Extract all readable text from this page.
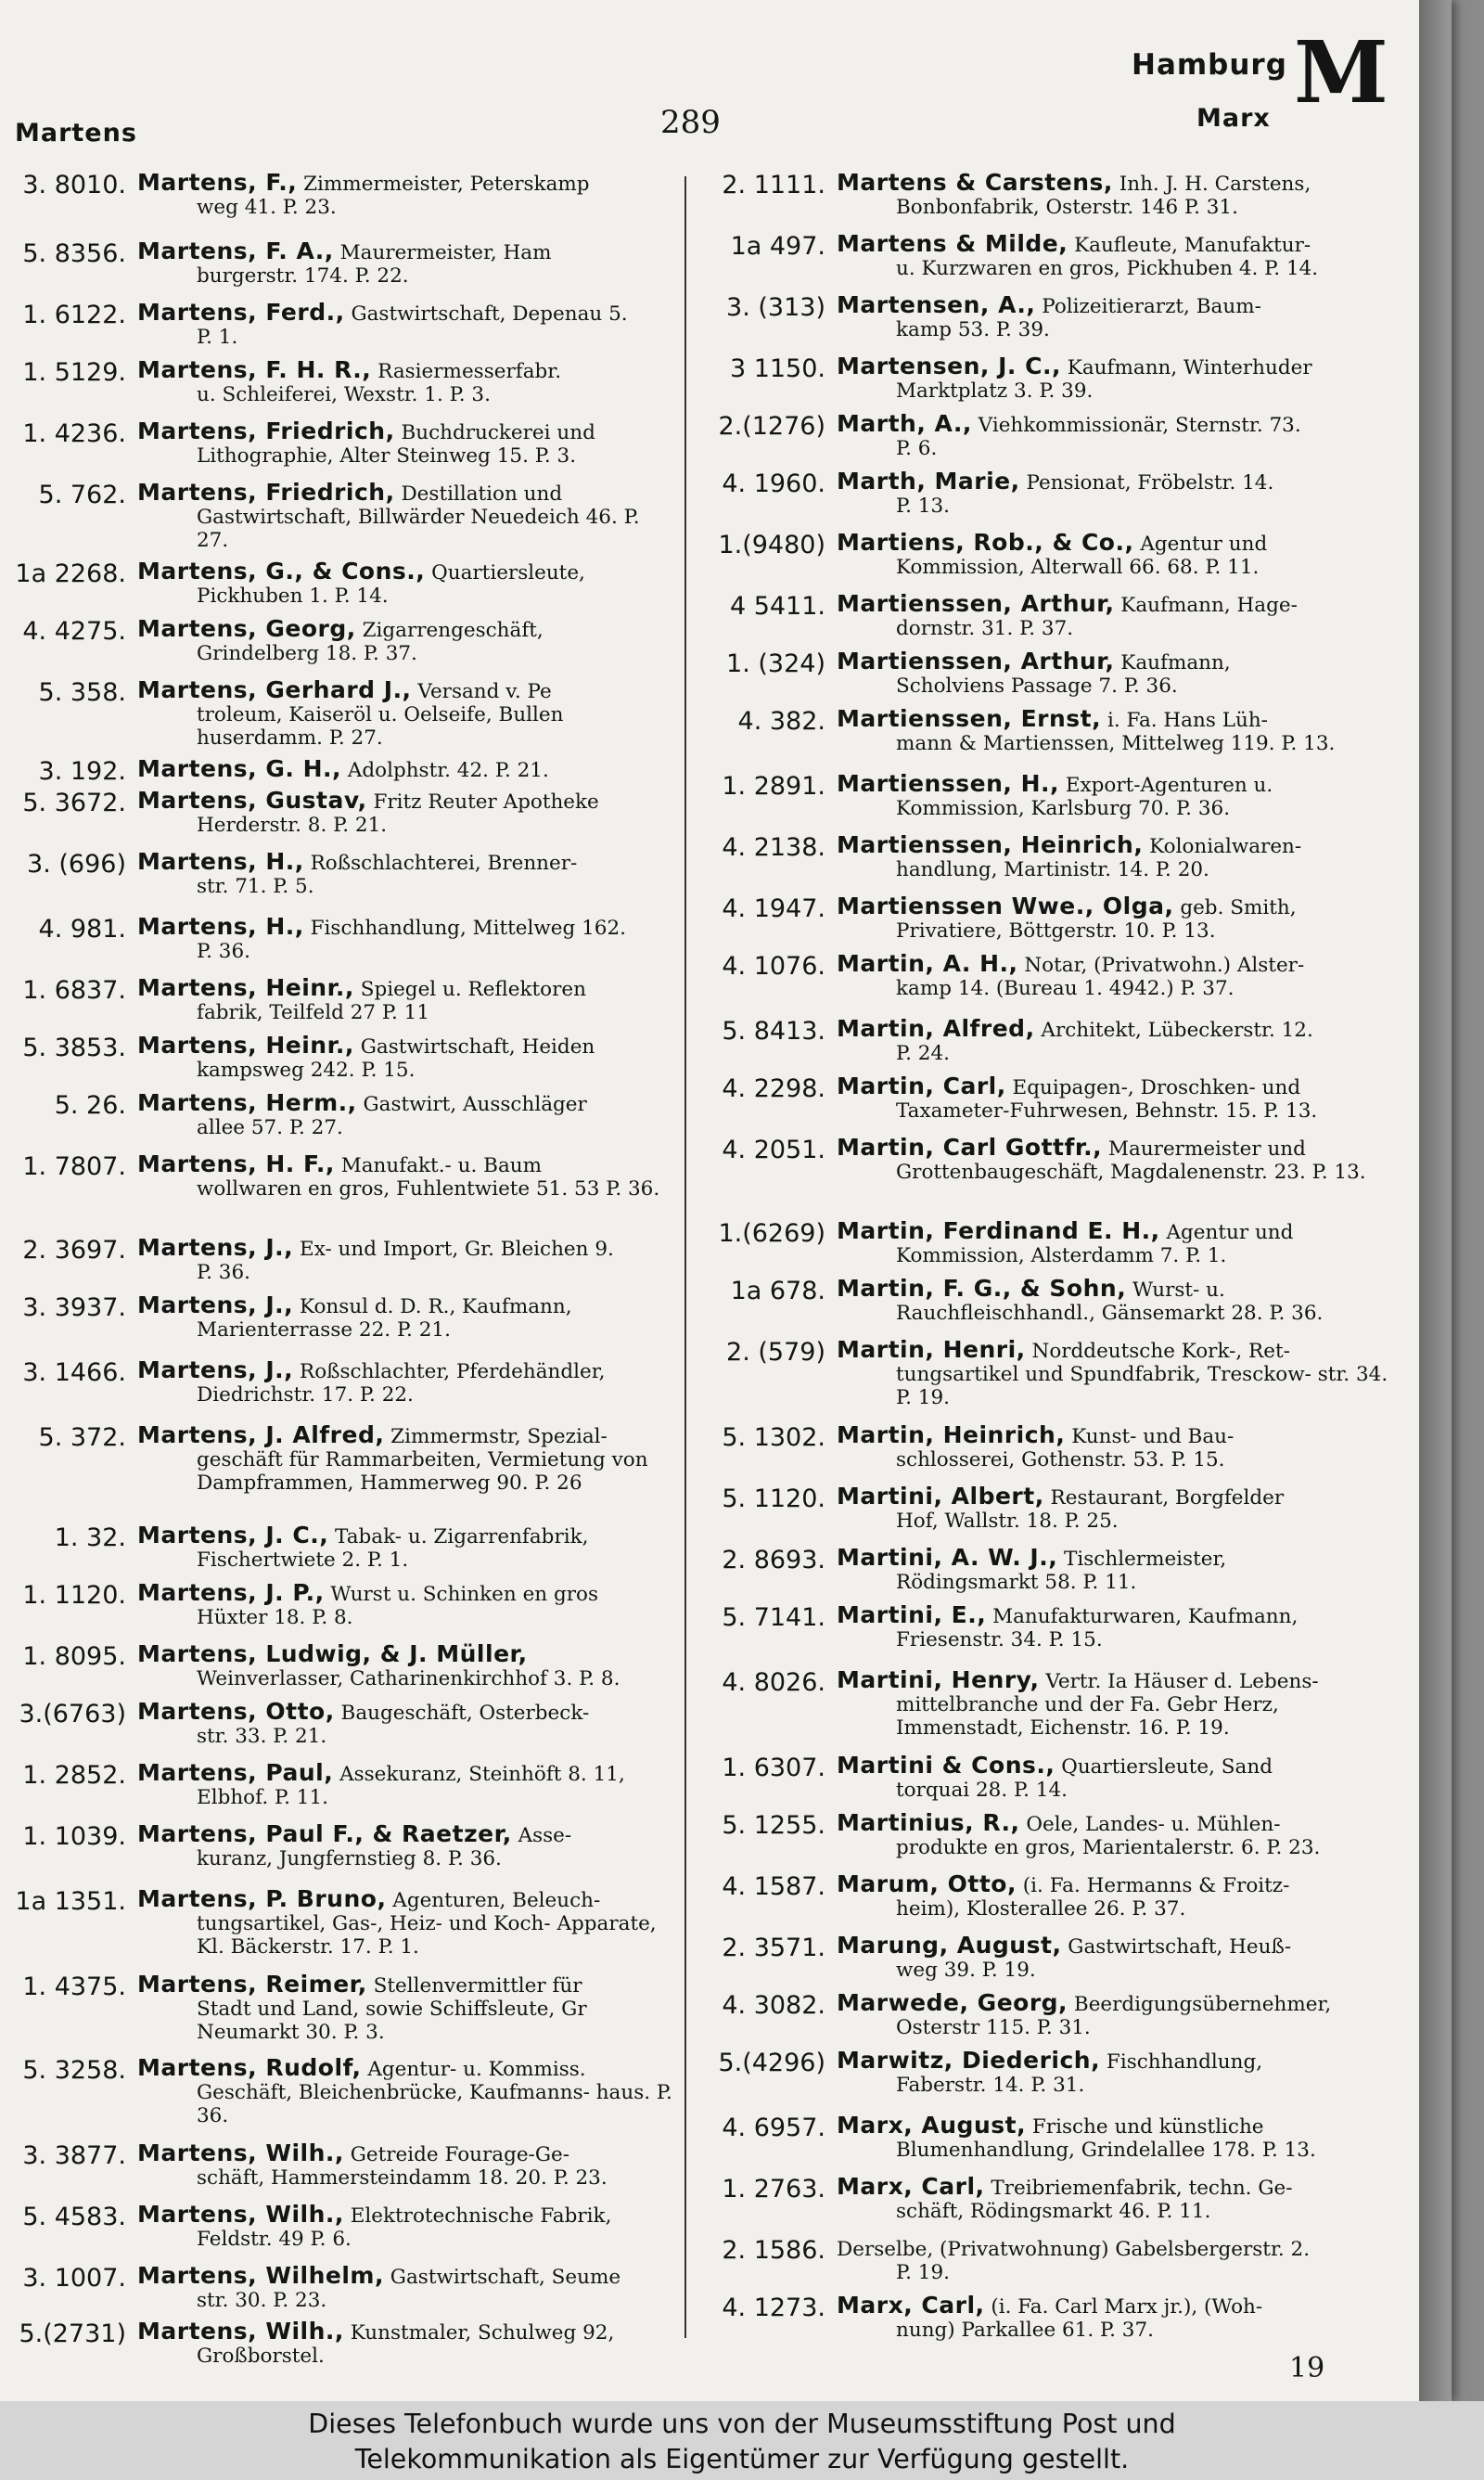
Martens	289
Hamburg
Marx M
3. 8010. Martens, F., Zimmermeister, Peterskamp
weg 41. P. 23.
5. 8356. Martens, F. A., Maurermeister, Ham
burgerstr. 174. P. 22.
1. 6122. Martens, Ferd., Gastwirtschaft, Depenau 5.
P. 1.
1. 5129. Martens, F. H. R., Rasiermesserfabr.
u. Schleiferei, Wexstr. 1. P. 3.
1. 4236. Martens, Friedrich, Buchdruckerei und
Lithographie, Alter Steinweg 15. P. 3.
5. 762. Martens, Friedrich, Destillation und
Gastwirtschaft, Billwärder Neuedeich 46. P. 27.
1a 2268. Martens, G., & Cons., Quartiersleute,
Pickhuben 1. P. 14.
4. 4275. Martens, Georg, Zigarrengeschäft,
Grindelberg 18. P. 37.
5. 358. Martens, Gerhard J., Versand v. Pe
troleum, Kaiseröl u. Oelseife, Bullen huserdamm. P. 27.
3. 192. Martens, G. H., Adolphstr. 42. P. 21.
5. 3672. Martens, Gustav, Fritz Reuter Apotheke
Herderstr. 8. P. 21.
3. (696) Martens, H., Roßschlachterei, Brenner-
str. 71. P. 5.
4. 981. Martens, H., Fischhandlung, Mittelweg 162.
P. 36.
1. 6837. Martens, Heinr., Spiegel u. Reflektoren
fabrik, Teilfeld 27 P. 11
5. 3853. Martens, Heinr., Gastwirtschaft, Heiden
kampsweg 242. P. 15.
5. 26. Martens, Herm., Gastwirt, Ausschläger
allee 57. P. 27.
1. 7807. Martens, H. F., Manufakt.- u. Baum
wollwaren en gros, Fuhlentwiete 51. 53 P. 36.
2. 3697. Martens, J., Ex- und Import, Gr. Bleichen 9.
P. 36.
3. 3937. Martens, J., Konsul d. D. R., Kaufmann,
Marienterrasse 22. P. 21.
3. 1466. Martens, J., Roßschlachter, Pferdehändler,
Diedrichstr. 17. P. 22.
5. 372. Martens, J. Alfred, Zimmermstr, Spezial-
geschäft für Rammarbeiten, Vermietung von Dampframmen, Hammerweg 90. P. 26
1. 32. Martens, J. C., Tabak- u. Zigarrenfabrik,
Fischertwiete 2. P. 1.
1. 1120. Martens, J. P., Wurst u. Schinken en gros
Hüxter 18. P. 8.
1. 8095. Martens, Ludwig, & J. Müller,
Weinverlasser, Catharinenkirchhof 3. P. 8.
3.(6763) Martens, Otto, Baugeschäft, Osterbeck-
str. 33. P. 21.
1. 2852. Martens, Paul, Assekuranz, Steinhöft 8. 11,
Elbhof. P. 11.
1. 1039. Martens, Paul F., & Raetzer, Asse-
kuranz, Jungfernstieg 8. P. 36.
1a 1351. Martens, P. Bruno, Agenturen, Beleuch-
tungsartikel, Gas-, Heiz- und Koch- Apparate, Kl. Bäckerstr. 17. P. 1.
1. 4375. Martens, Reimer, Stellenvermittler für
Stadt und Land, sowie Schiffsleute, Gr Neumarkt 30. P. 3.
5. 3258. Martens, Rudolf, Agentur- u. Kommiss.
Geschäft, Bleichenbrücke, Kaufmanns- haus. P. 36.
3. 3877. Martens, Wilh., Getreide Fourage-Ge-
schäft, Hammersteindamm 18. 20. P. 23.
5. 4583. Martens, Wilh., Elektrotechnische Fabrik,
Feldstr. 49 P. 6.
3. 1007. Martens, Wilhelm, Gastwirtschaft, Seume
str. 30. P. 23.
5.(2731) Martens, Wilh., Kunstmaler, Schulweg 92,
Großborstel.
2. 1111. Martens & Carstens, Inh. J. H. Carstens,
Bonbonfabrik, Osterstr. 146 P. 31.
1a 497. Martens & Milde, Kaufleute, Manufaktur-
u. Kurzwaren en gros, Pickhuben 4. P. 14.
3. (313) Martensen, A., Polizeitierarzt, Baum-
kamp 53. P. 39.
3 1150. Martensen, J. C., Kaufmann, Winterhuder
Marktplatz 3. P. 39.
2.(1276) Marth, A., Viehkommissionär, Sternstr. 73.
P. 6.
4. 1960. Marth, Marie, Pensionat, Fröbelstr. 14.
P. 13.
1.(9480) Martiens, Rob., & Co., Agentur und
Kommission, Alterwall 66. 68. P. 11.
4 5411. Martienssen, Arthur, Kaufmann, Hage-
dornstr. 31. P. 37.
1. (324) Martienssen, Arthur, Kaufmann,
Scholviens Passage 7. P. 36.
4. 382. Martienssen, Ernst, i. Fa. Hans Lüh-
mann & Martienssen, Mittelweg 119. P. 13.
1. 2891. Martienssen, H., Export-Agenturen u.
Kommission, Karlsburg 70. P. 36.
4. 2138. Martienssen, Heinrich, Kolonialwaren-
handlung, Martinistr. 14. P. 20.
4. 1947. Martienssen Wwe., Olga, geb. Smith,
Privatiere, Böttgerstr. 10. P. 13.
4. 1076. Martin, A. H., Notar, (Privatwohn.) Alster-
kamp 14. (Bureau 1. 4942.) P. 37.
5. 8413. Martin, Alfred, Architekt, Lübeckerstr. 12.
P. 24.
4. 2298. Martin, Carl, Equipagen-, Droschken- und
Taxameter-Fuhrwesen, Behnstr. 15. P. 13.
4. 2051. Martin, Carl Gottfr., Maurermeister und
Grottenbaugeschäft, Magdalenenstr. 23. P. 13.
1.(6269) Martin, Ferdinand E. H., Agentur und
Kommission, Alsterdamm 7. P. 1.
1a 678. Martin, F. G., & Sohn, Wurst- u.
Rauchfleischhandl., Gänsemarkt 28. P. 36.
2. (579) Martin, Henri, Norddeutsche Kork-, Ret-
tungsartikel und Spundfabrik, Tresckow- str. 34. P. 19.
5. 1302. Martin, Heinrich, Kunst- und Bau-
schlosserei, Gothenstr. 53. P. 15.
5. 1120. Martini, Albert, Restaurant, Borgfelder
Hof, Wallstr. 18. P. 25.
2. 8693. Martini, A. W. J., Tischlermeister,
Rödingsmarkt 58. P. 11.
5. 7141. Martini, E., Manufakturwaren, Kaufmann,
Friesenstr. 34. P. 15.
4. 8026. Martini, Henry, Vertr. Ia Häuser d. Lebens-
mittelbranche und der Fa. Gebr Herz, Immenstadt, Eichenstr. 16. P. 19.
1. 6307. Martini & Cons., Quartiersleute, Sand
torquai 28. P. 14.
5. 1255. Martinius, R., Oele, Landes- u. Mühlen-
produkte en gros, Marientalerstr. 6. P. 23.
4. 1587. Marum, Otto, (i. Fa. Hermanns & Froitz-
heim), Klosterallee 26. P. 37.
2. 3571. Marung, August, Gastwirtschaft, Heuß-
weg 39. P. 19.
4. 3082. Marwede, Georg, Beerdigungsübernehmer,
Osterstr 115. P. 31.
5.(4296) Marwitz, Diederich, Fischhandlung,
Faberstr. 14. P. 31.
4. 6957. Marx, August, Frische und künstliche
Blumenhandlung, Grindelallee 178. P. 13.
1. 2763. Marx, Carl, Treibriemenfabrik, techn. Ge-
schäft, Rödingsmarkt 46. P. 11.
2. 1586. Derselbe, (Privatwohnung) Gabelsbergerstr. 2.
P. 19.
4. 1273. Marx, Carl, (i. Fa. Carl Marx jr.), (Woh-
nung) Parkallee 61. P. 37.
19
Dieses Telefonbuch wurde uns von der Museumsstiftung Post und
Telekommunikation als Eigentümer zur Verfügung gestellt.
